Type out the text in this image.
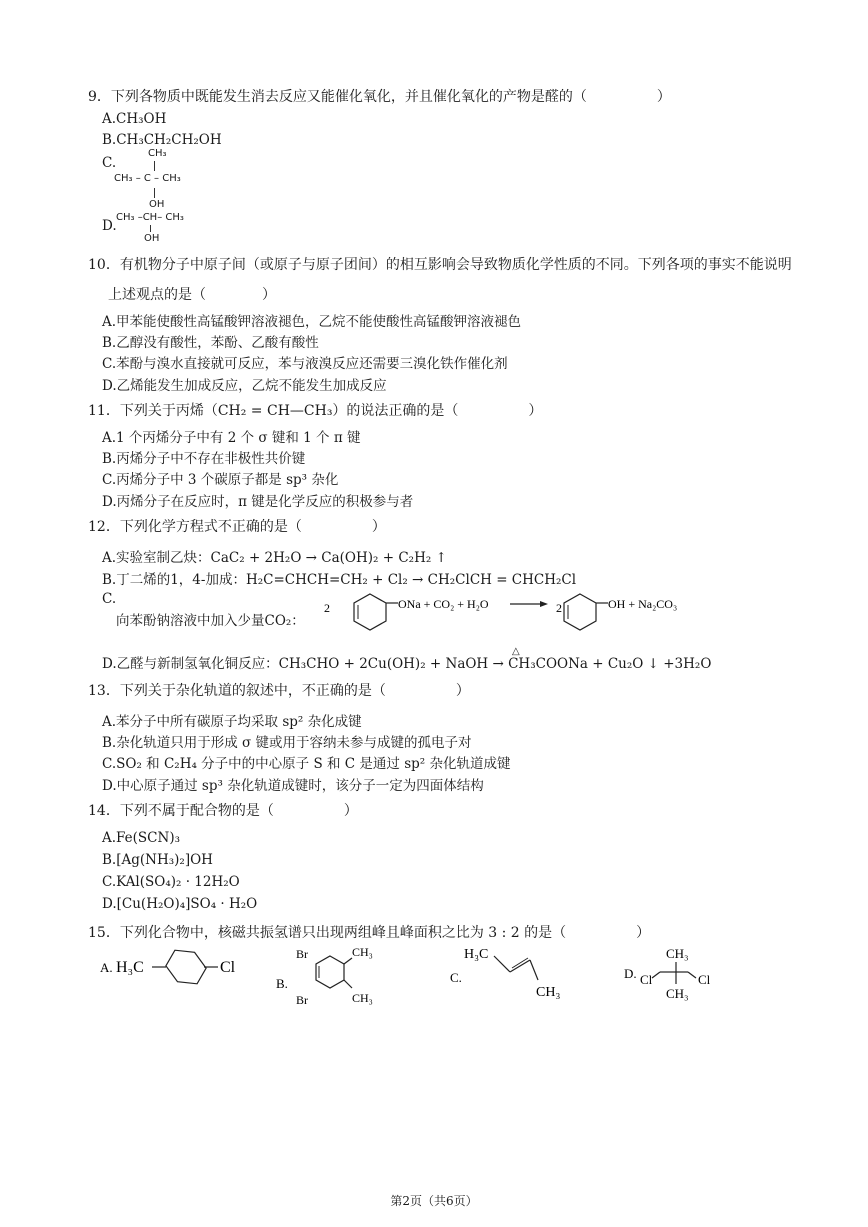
9．下列各物质中既能发生消去反应又能催化氧化，并且催化氧化的产物是醛的（　　　　　）
A.CH₃OH
B.CH₃CH₂CH₂OH
C.
CH₃
CH₃ – C – CH₃
OH
D.
CH₃ –CH– CH₃
OH
10．有机物分子中原子间（或原子与原子团间）的相互影响会导致物质化学性质的不同。下列各项的事实不能说明
上述观点的是（　　　　）
A.甲苯能使酸性高锰酸钾溶液褪色，乙烷不能使酸性高锰酸钾溶液褪色
B.乙醇没有酸性，苯酚、乙酸有酸性
C.苯酚与溴水直接就可反应，苯与液溴反应还需要三溴化铁作催化剂
D.乙烯能发生加成反应，乙烷不能发生加成反应
11．下列关于丙烯（CH₂ = CH—CH₃）的说法正确的是（　　　　　）
A.1 个丙烯分子中有 2 个 σ 键和 1 个 π 键
B.丙烯分子中不存在非极性共价键
C.丙烯分子中 3 个碳原子都是 sp³ 杂化
D.丙烯分子在反应时，π 键是化学反应的积极参与者
12．下列化学方程式不正确的是（　　　　　）
A.实验室制乙炔：CaC₂ + 2H₂O → Ca(OH)₂ + C₂H₂ ↑
B.丁二烯的1，4-加成：H₂C=CHCH=CH₂ + Cl₂ → CH₂ClCH = CHCH₂Cl
C.
向苯酚钠溶液中加入少量CO₂：
2	ONa + CO₂ + H₂O	2	OH + Na₂CO₃
D.乙醛与新制氢氧化铜反应：CH₃CHO + 2Cu(OH)₂ + NaOH → CH₃COONa + Cu₂O ↓ +3H₂O
△
13．下列关于杂化轨道的叙述中，不正确的是（　　　　　）
A.苯分子中所有碳原子均采取 sp² 杂化成键
B.杂化轨道只用于形成 σ 键或用于容纳未参与成键的孤电子对
C.SO₂ 和 C₂H₄ 分子中的中心原子 S 和 C 是通过 sp² 杂化轨道成键
D.中心原子通过 sp³ 杂化轨道成键时，该分子一定为四面体结构
14．下列不属于配合物的是（　　　　　）
A.Fe(SCN)₃
B.[Ag(NH₃)₂]OH
C.KAl(SO₄)₂ · 12H₂O
D.[Cu(H₂O)₄]SO₄ · H₂O
15．下列化合物中，核磁共振氢谱只出现两组峰且峰面积之比为 3 : 2 的是（　　　　　）
A. H₃C	Cl
B.
Br
Br
CH₃
CH₃
C.
H₃C
CH₃
D.
CH₃
CH₃
Cl	Cl
第2页（共6页）
